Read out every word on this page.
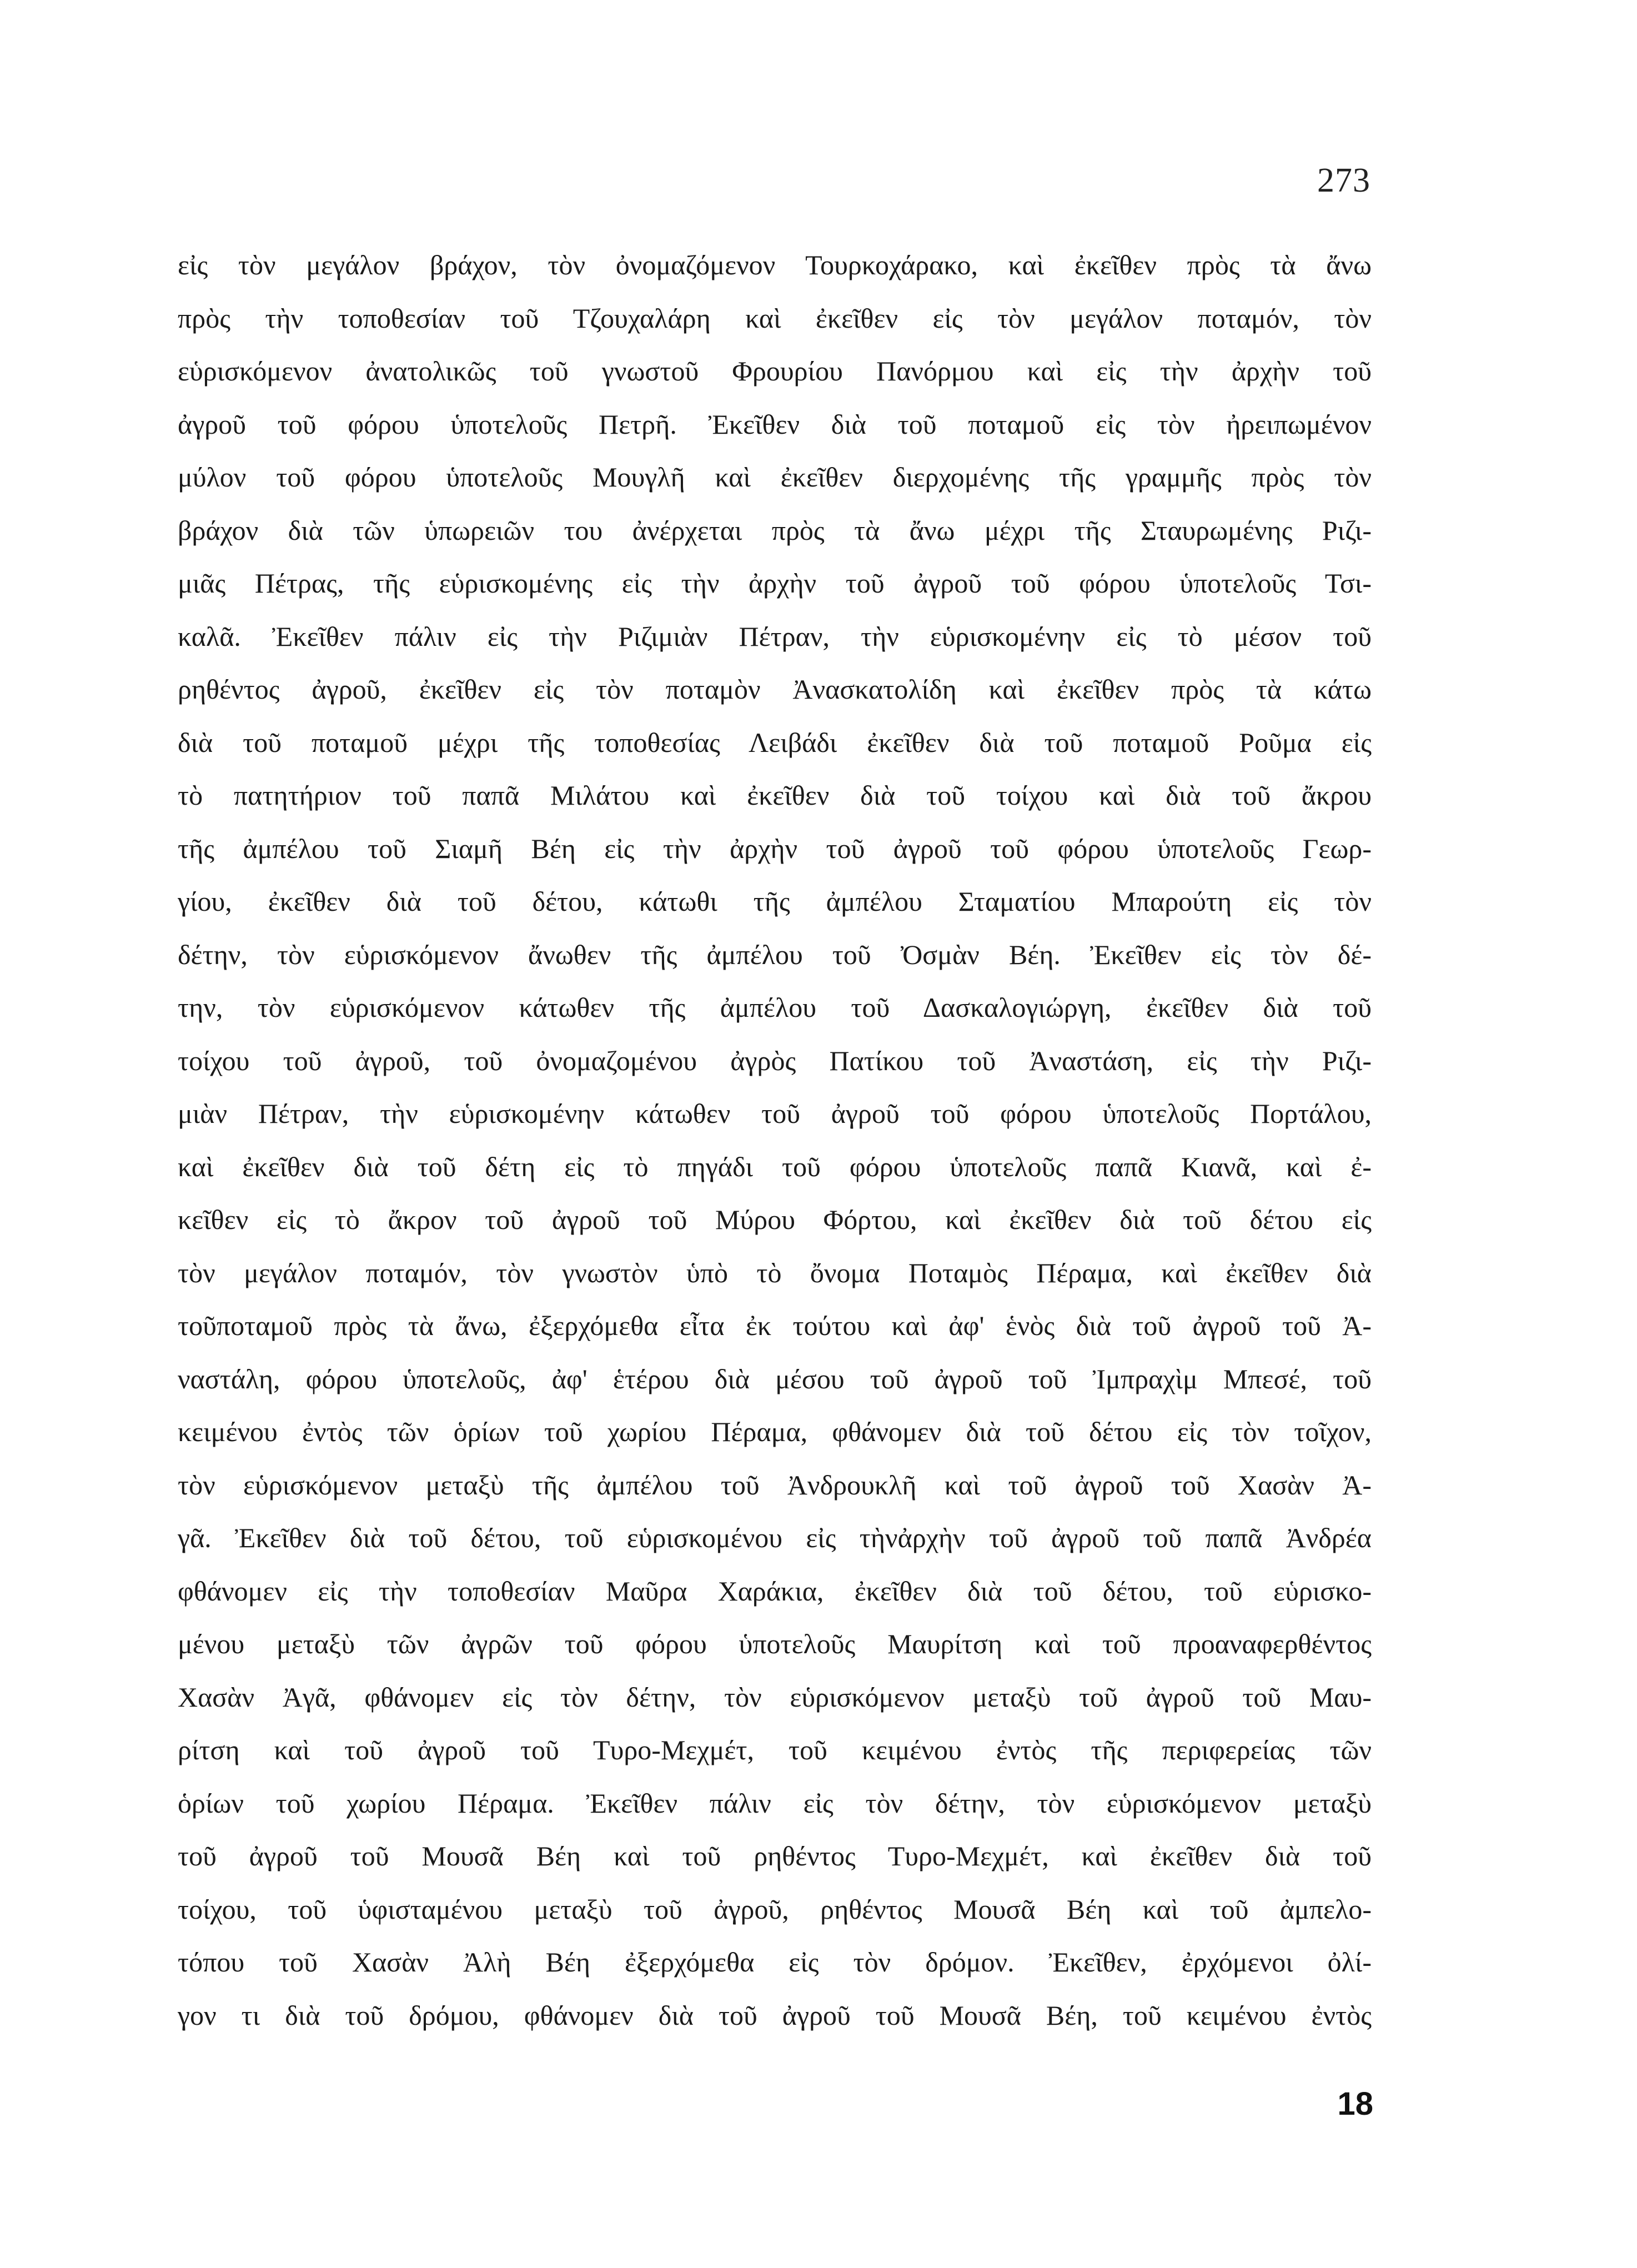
273
εἰς τὸν μεγάλον βράχον, τὸν ὀνομαζόμενον Τουρκοχάρακο, καὶ ἐκεῖθεν πρὸς τὰ ἄνω
πρὸς τὴν τοποθεσίαν τοῦ Τζουχαλάρη καὶ ἐκεῖθεν εἰς τὸν μεγάλον ποταμόν, τὸν
εὑρισκόμενον ἀνατολικῶς τοῦ γνωστοῦ Φρουρίου Πανόρμου καὶ εἰς τὴν ἀρχὴν τοῦ
ἀγροῦ τοῦ φόρου ὑποτελοῦς Πετρῆ. Ἐκεῖθεν διὰ τοῦ ποταμοῦ εἰς τὸν ἠρειπωμένον
μύλον τοῦ φόρου ὑποτελοῦς Μουγλῆ καὶ ἐκεῖθεν διερχομένης τῆς γραμμῆς πρὸς τὸν
βράχον διὰ τῶν ὑπωρειῶν του ἀνέρχεται πρὸς τὰ ἄνω μέχρι τῆς Σταυρωμένης Ριζι-
μιᾶς Πέτρας, τῆς εὑρισκομένης εἰς τὴν ἀρχὴν τοῦ ἀγροῦ τοῦ φόρου ὑποτελοῦς Τσι-
καλᾶ. Ἐκεῖθεν πάλιν εἰς τὴν Ριζιμιὰν Πέτραν, τὴν εὑρισκομένην εἰς τὸ μέσον τοῦ
ρηθέντος ἀγροῦ, ἐκεῖθεν εἰς τὸν ποταμὸν Ἀνασκατολίδη καὶ ἐκεῖθεν πρὸς τὰ κάτω
διὰ τοῦ ποταμοῦ μέχρι τῆς τοποθεσίας Λειβάδι ἐκεῖθεν διὰ τοῦ ποταμοῦ Ροῦμα εἰς
τὸ πατητήριον τοῦ παπᾶ Μιλάτου καὶ ἐκεῖθεν διὰ τοῦ τοίχου καὶ διὰ τοῦ ἄκρου
τῆς ἀμπέλου τοῦ Σιαμῆ Βέη εἰς τὴν ἀρχὴν τοῦ ἀγροῦ τοῦ φόρου ὑποτελοῦς Γεωρ-
γίου, ἐκεῖθεν διὰ τοῦ δέτου, κάτωθι τῆς ἀμπέλου Σταματίου Μπαρούτη εἰς τὸν
δέτην, τὸν εὑρισκόμενον ἄνωθεν τῆς ἀμπέλου τοῦ Ὀσμὰν Βέη. Ἐκεῖθεν εἰς τὸν δέ-
την, τὸν εὑρισκόμενον κάτωθεν τῆς ἀμπέλου τοῦ Δασκαλογιώργη, ἐκεῖθεν διὰ τοῦ
τοίχου τοῦ ἀγροῦ, τοῦ ὀνομαζομένου ἀγρὸς Πατίκου τοῦ Ἀναστάση, εἰς τὴν Ριζι-
μιὰν Πέτραν, τὴν εὑρισκομένην κάτωθεν τοῦ ἀγροῦ τοῦ φόρου ὑποτελοῦς Πορτάλου,
καὶ ἐκεῖθεν διὰ τοῦ δέτη εἰς τὸ πηγάδι τοῦ φόρου ὑποτελοῦς παπᾶ Κιανᾶ, καὶ ἐ-
κεῖθεν εἰς τὸ ἄκρον τοῦ ἀγροῦ τοῦ Μύρου Φόρτου, καὶ ἐκεῖθεν διὰ τοῦ δέτου εἰς
τὸν μεγάλον ποταμόν, τὸν γνωστὸν ὑπὸ τὸ ὄνομα Ποταμὸς Πέραμα, καὶ ἐκεῖθεν διὰ
τοῦποταμοῦ πρὸς τὰ ἄνω, ἐξερχόμεθα εἶτα ἐκ τούτου καὶ ἀφ' ἑνὸς διὰ τοῦ ἀγροῦ τοῦ Ἀ-
ναστάλη, φόρου ὑποτελοῦς, ἀφ' ἑτέρου διὰ μέσου τοῦ ἀγροῦ τοῦ Ἰμπραχὶμ Μπεσέ, τοῦ
κειμένου ἐντὸς τῶν ὁρίων τοῦ χωρίου Πέραμα, φθάνομεν διὰ τοῦ δέτου εἰς τὸν τοῖχον,
τὸν εὑρισκόμενον μεταξὺ τῆς ἀμπέλου τοῦ Ἀνδρουκλῆ καὶ τοῦ ἀγροῦ τοῦ Χασὰν Ἀ-
γᾶ. Ἐκεῖθεν διὰ τοῦ δέτου, τοῦ εὑρισκομένου εἰς τὴνἀρχὴν τοῦ ἀγροῦ τοῦ παπᾶ Ἀνδρέα
φθάνομεν εἰς τὴν τοποθεσίαν Μαῦρα Χαράκια, ἐκεῖθεν διὰ τοῦ δέτου, τοῦ εὑρισκο-
μένου μεταξὺ τῶν ἀγρῶν τοῦ φόρου ὑποτελοῦς Μαυρίτση καὶ τοῦ προαναφερθέντος
Χασὰν Ἀγᾶ, φθάνομεν εἰς τὸν δέτην, τὸν εὑρισκόμενον μεταξὺ τοῦ ἀγροῦ τοῦ Μαυ-
ρίτση καὶ τοῦ ἀγροῦ τοῦ Τυρο-Μεχμέτ, τοῦ κειμένου ἐντὸς τῆς περιφερείας τῶν
ὁρίων τοῦ χωρίου Πέραμα. Ἐκεῖθεν πάλιν εἰς τὸν δέτην, τὸν εὑρισκόμενον μεταξὺ
τοῦ ἀγροῦ τοῦ Μουσᾶ Βέη καὶ τοῦ ρηθέντος Τυρο-Μεχμέτ, καὶ ἐκεῖθεν διὰ τοῦ
τοίχου, τοῦ ὑφισταμένου μεταξὺ τοῦ ἀγροῦ, ρηθέντος Μουσᾶ Βέη καὶ τοῦ ἀμπελο-
τόπου τοῦ Χασὰν Ἀλὴ Βέη ἐξερχόμεθα εἰς τὸν δρόμον. Ἐκεῖθεν, ἐρχόμενοι ὀλί-
γον τι διὰ τοῦ δρόμου, φθάνομεν διὰ τοῦ ἀγροῦ τοῦ Μουσᾶ Βέη, τοῦ κειμένου ἐντὸς
18
